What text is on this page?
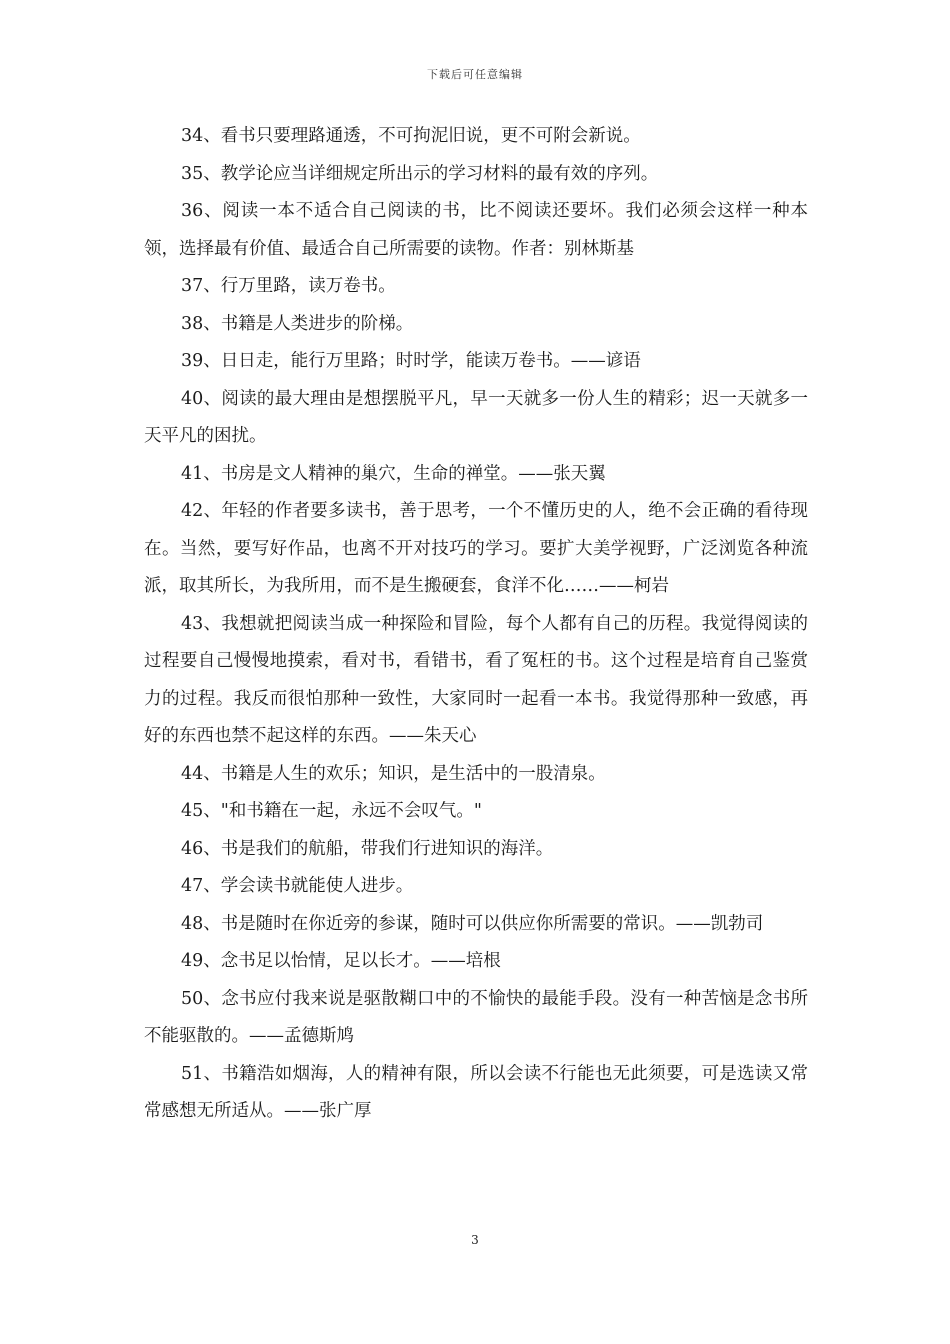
下载后可任意编辑

34、看书只要理路通透，不可拘泥旧说，更不可附会新说。

35、教学论应当详细规定所出示的学习材料的最有效的序列。

36、阅读一本不适合自己阅读的书，比不阅读还要坏。我们必须会这样一种本领，选择最有价值、最适合自己所需要的读物。作者：别林斯基

37、行万里路，读万卷书。

38、书籍是人类进步的阶梯。

39、日日走，能行万里路；时时学，能读万卷书。——谚语

40、阅读的最大理由是想摆脱平凡，早一天就多一份人生的精彩；迟一天就多一天平凡的困扰。

41、书房是文人精神的巢穴，生命的禅堂。——张天翼

42、年轻的作者要多读书，善于思考，一个不懂历史的人，绝不会正确的看待现在。当然，要写好作品，也离不开对技巧的学习。要扩大美学视野，广泛浏览各种流派，取其所长，为我所用，而不是生搬硬套，食洋不化……——柯岩

43、我想就把阅读当成一种探险和冒险，每个人都有自己的历程。我觉得阅读的过程要自己慢慢地摸索，看对书，看错书，看了冤枉的书。这个过程是培育自己鉴赏力的过程。我反而很怕那种一致性，大家同时一起看一本书。我觉得那种一致感，再好的东西也禁不起这样的东西。——朱天心

44、书籍是人生的欢乐；知识，是生活中的一股清泉。

45、"和书籍在一起，永远不会叹气。"

46、书是我们的航船，带我们行进知识的海洋。

47、学会读书就能使人进步。

48、书是随时在你近旁的参谋，随时可以供应你所需要的常识。——凯勃司

49、念书足以怡情，足以长才。——培根

50、念书应付我来说是驱散糊口中的不愉快的最能手段。没有一种苦恼是念书所不能驱散的。——孟德斯鸠

51、书籍浩如烟海，人的精神有限，所以会读不行能也无此须要，可是选读又常常感想无所适从。——张广厚

3
